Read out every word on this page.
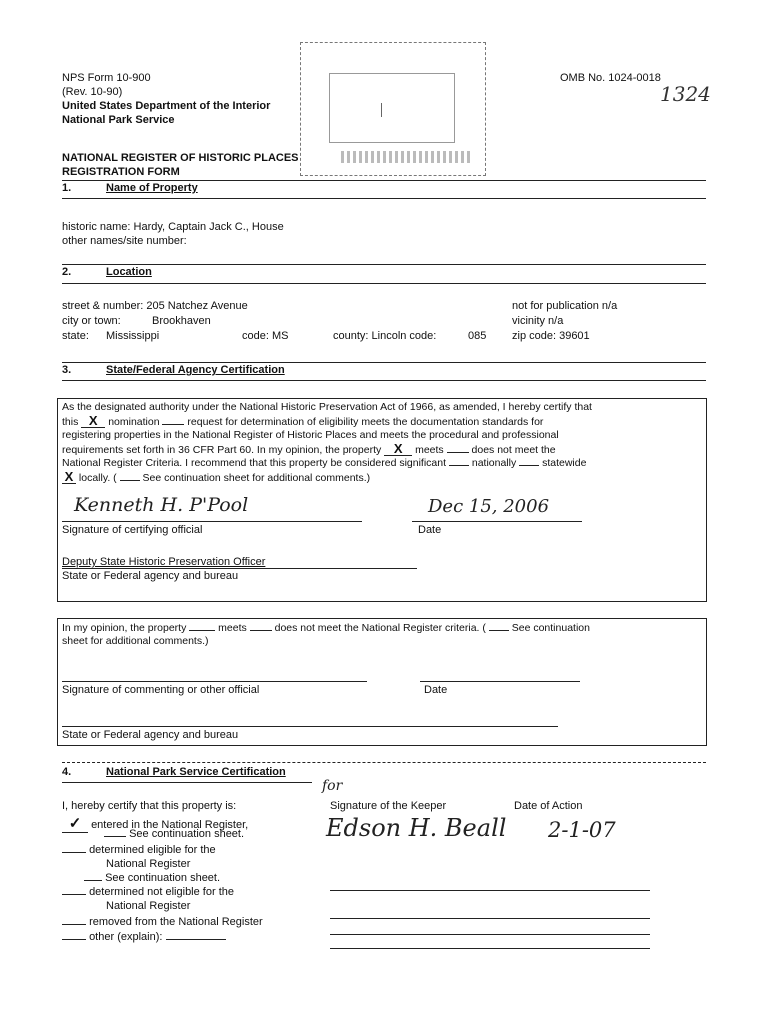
NPS Form 10-900
(Rev. 10-90)
United States Department of the Interior
National Park Service
OMB No. 1024-0018
1324
NATIONAL REGISTER OF HISTORIC PLACES
REGISTRATION FORM
1.	Name of Property
historic name: Hardy, Captain Jack C., House
other names/site number:
2.	Location
street & number: 205 Natchez Avenue	not for publication n/a
city or town:	Brookhaven	vicinity n/a
state: Mississippi	code: MS	county: Lincoln code:	085 zip code: 39601
3.	State/Federal Agency Certification
As the designated authority under the National Historic Preservation Act of 1966, as amended, I hereby certify that
this X nomination	request for determination of eligibility meets the documentation standards for
registering properties in the National Register of Historic Places and meets the procedural and professional
requirements set forth in 36 CFR Part 60. In my opinion, the property X meets	does not meet the
National Register Criteria. I recommend that this property be considered significant nationally statewide
X locally. ( See continuation sheet for additional comments.)
Kenneth H. P'Pool	Dec 15, 2006
Signature of certifying official	Date
Deputy State Historic Preservation Officer
State or Federal agency and bureau
In my opinion, the property	meets	does not meet the National Register criteria. ( See continuation
sheet for additional comments.)
Signature of commenting or other official	Date
State or Federal agency and bureau
4.	National Park Service Certification
I, hereby certify that this property is:
✓ entered in the National Register,
See continuation sheet.
determined eligible for the
National Register
See continuation sheet.
determined not eligible for the
National Register
removed from the National Register
other (explain):
for
Signature of the Keeper	Date of Action
Edson H. Beall 2-1-07
